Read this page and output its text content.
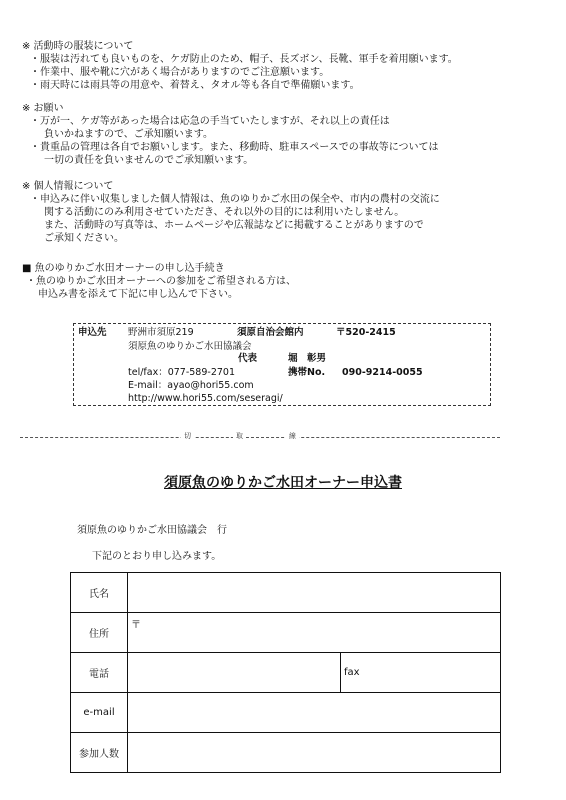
※ 活動時の服装について
・服装は汚れても良いものを、ケガ防止のため、帽子、長ズボン、長靴、軍手を着用願います。
・作業中、服や靴に穴があく場合がありますのでご注意願います。
・雨天時には雨具等の用意や、着替え、タオル等も各自で準備願います。
※ お願い
・万が一、ケガ等があった場合は応急の手当ていたしますが、それ以上の責任は
負いかねますので、ご承知願います。
・貴重品の管理は各自でお願いします。また、移動時、駐車スペースでの事故等については
一切の責任を負いませんのでご承知願います。
※ 個人情報について
・申込みに伴い収集しました個人情報は、魚のゆりかご水田の保全や、市内の農村の交流に
関する活動にのみ利用させていただき、それ以外の目的には利用いたしません。
また、活動時の写真等は、ホームページや広報誌などに掲載することがありますので
ご承知ください。
■ 魚のゆりかご水田オーナーの申し込手続き
・魚のゆりかご水田オーナーへの参加をご希望される方は、
申込み書を添えて下記に申し込んで下さい。
申込先 野洲市須原219	須原自治会館内	〒520-2415
須原魚のゆりかご水田協議会
代表	堀　彰男
tel/fax：077-589-2701	携帯No. 090-9214-0055
E-mail：ayao@hori55.com
http://www.hori55.com/seseragi/
切	取	線
須原魚のゆりかご水田オーナー申込書
須原魚のゆりかご水田協議会　行
下記のとおり申し込みます。
氏名		
住所	〒	
電話		fax
e-mail		
参加人数		
